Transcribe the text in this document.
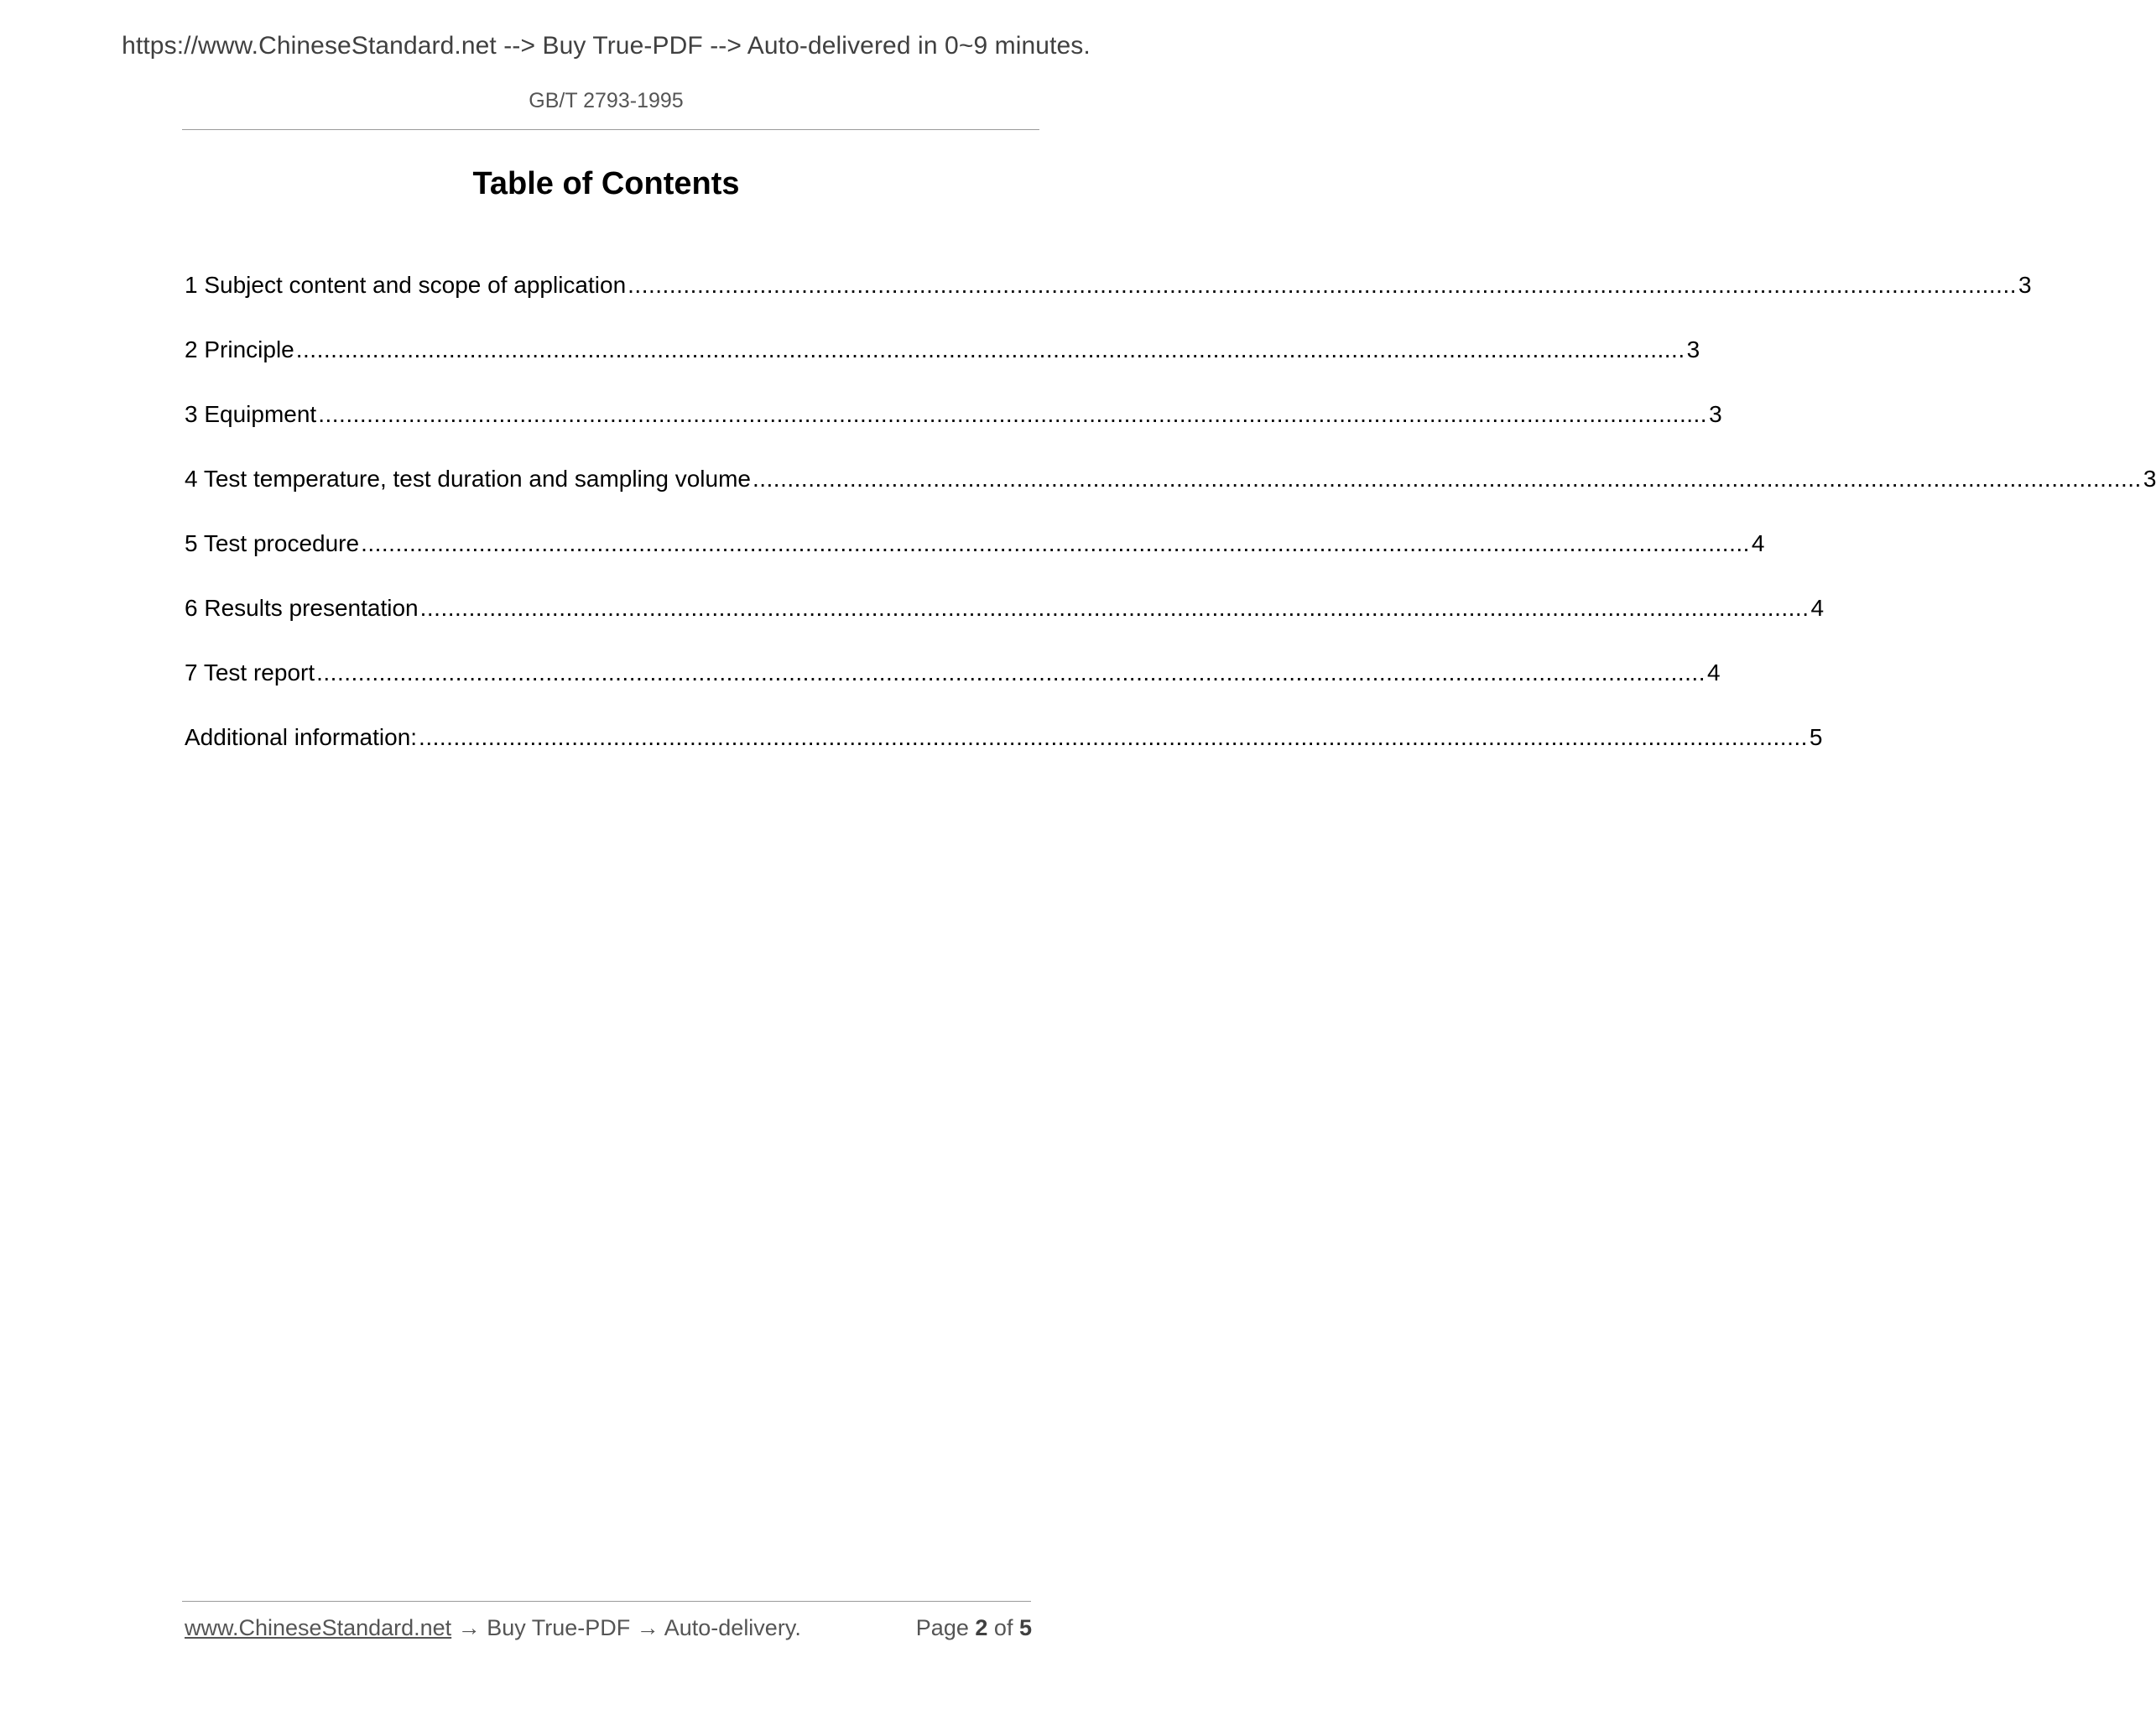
https://www.ChineseStandard.net --> Buy True-PDF --> Auto-delivered in 0~9 minutes.
GB/T 2793-1995
Table of Contents
1 Subject content and scope of application ........................................................................................................................................................................................................ 3
2 Principle ........................................................................................................................................................................................................ 3
3 Equipment ........................................................................................................................................................................................................ 3
4 Test temperature, test duration and sampling volume ........................................................................................................................................................................................................ 3
5 Test procedure ........................................................................................................................................................................................................ 4
6 Results presentation ........................................................................................................................................................................................................ 4
7 Test report ........................................................................................................................................................................................................ 4
Additional information: ........................................................................................................................................................................................................ 5
www.ChineseStandard.net → Buy True-PDF → Auto-delivery.	Page 2 of 5
